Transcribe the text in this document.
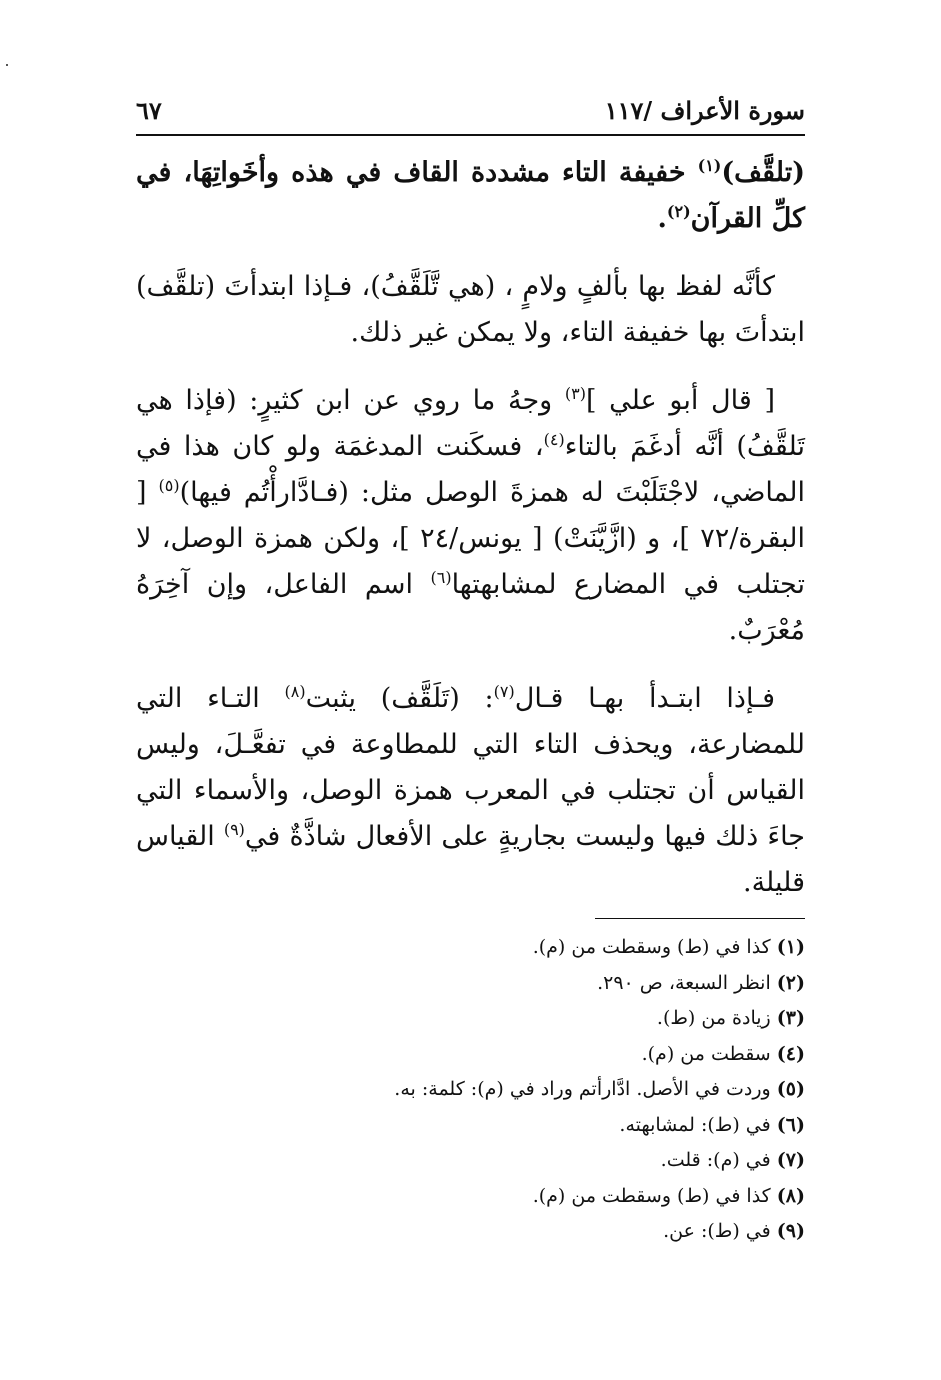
سورة الأعراف /١١٧
٦٧

(تلقَّف)$^{(١)}$ خفيفة التاء مشددة القاف في هذه وأخَواتِهَا، في كلِّ القرآن$^{(٢)}$.

كأنَّه لفظ بها بألفٍ ولامٍ ، (هي تَّلَقَّفُ)، فـإذا ابتدأتَ (تلقَّف) ابتدأتَ بها خفيفة التاء، ولا يمكن غير ذلك.

[ قال أبو علي ]$^{(٣)}$ وجهُ ما روي عن ابن كثيرٍ: (فإذا هي تَلقَّفُ) أنَّه أدغَمَ بالتاء$^{(٤)}$، فسكَنت المدغمَة ولو كان هذا في الماضي، لاجْتَلَبْتَ له همزةَ الوصل مثل: (فـادَّارأْتُم فيها)$^{(٥)}$ [ البقرة/٧٢ ]، و (ازَّيَّنَتْ) [ يونس/٢٤ ]، ولكن همزة الوصل، لا تجتلب في المضارع لمشابهتها$^{(٦)}$ اسم الفاعل، وإن آخِرَهُ مُعْرَبٌ.

فـإذا ابتـدأ بهـا قـال$^{(٧)}$: (تَلَقَّف) يثبت$^{(٨)}$ التـاء التي للمضارعة، ويحذف التاء التي للمطاوعة في تفعَّـلَ، وليس القياس أن تجتلب في المعرب همزة الوصل، والأسماء التي جاءَ ذلك فيها وليست بجاريةٍ على الأفعال شاذَّةٌ في$^{(٩)}$ القياس قليلة.

(١) كذا في (ط) وسقطت من (م).
(٢) انظر السبعة، ص ٢٩٠.
(٣) زيادة من (ط).
(٤) سقطت من (م).
(٥) وردت في الأصل. ادَّارأتم وراد في (م): كلمة: به.
(٦) في (ط): لمشابهته.
(٧) في (م): قلت.
(٨) كذا في (ط) وسقطت من (م).
(٩) في (ط): عن.
